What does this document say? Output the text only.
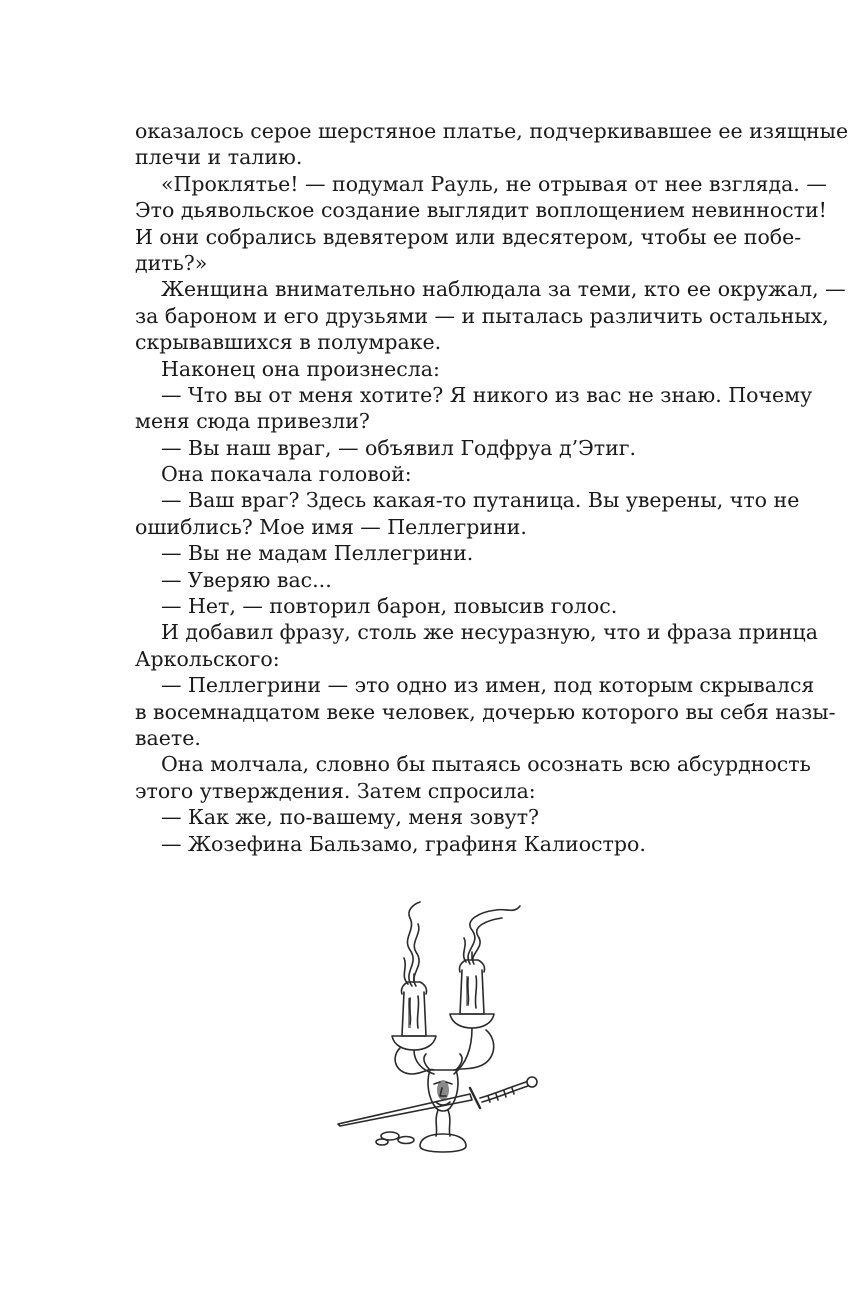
оказалось серое шерстяное платье, подчеркивавшее ее изящные
плечи и талию.
«Проклятье! — подумал Рауль, не отрывая от нее взгляда. —
Это дьявольское создание выглядит воплощением невинности!
И они собрались вдевятером или вдесятером, чтобы ее побе-
дить?»
Женщина внимательно наблюдала за теми, кто ее окружал, —
за бароном и его друзьями — и пыталась различить остальных,
скрывавшихся в полумраке.
Наконец она произнесла:
— Что вы от меня хотите? Я никого из вас не знаю. Почему
меня сюда привезли?
— Вы наш враг, — объявил Годфруа д’Этиг.
Она покачала головой:
— Ваш враг? Здесь какая-то путаница. Вы уверены, что не
ошиблись? Мое имя — Пеллегрини.
— Вы не мадам Пеллегрини.
— Уверяю вас...
— Нет, — повторил барон, повысив голос.
И добавил фразу, столь же несуразную, что и фраза принца
Аркольского:
— Пеллегрини — это одно из имен, под которым скрывался
в восемнадцатом веке человек, дочерью которого вы себя назы-
ваете.
Она молчала, словно бы пытаясь осознать всю абсурдность
этого утверждения. Затем спросила:
— Как же, по-вашему, меня зовут?
— Жозефина Бальзамо, графиня Калиостро.
